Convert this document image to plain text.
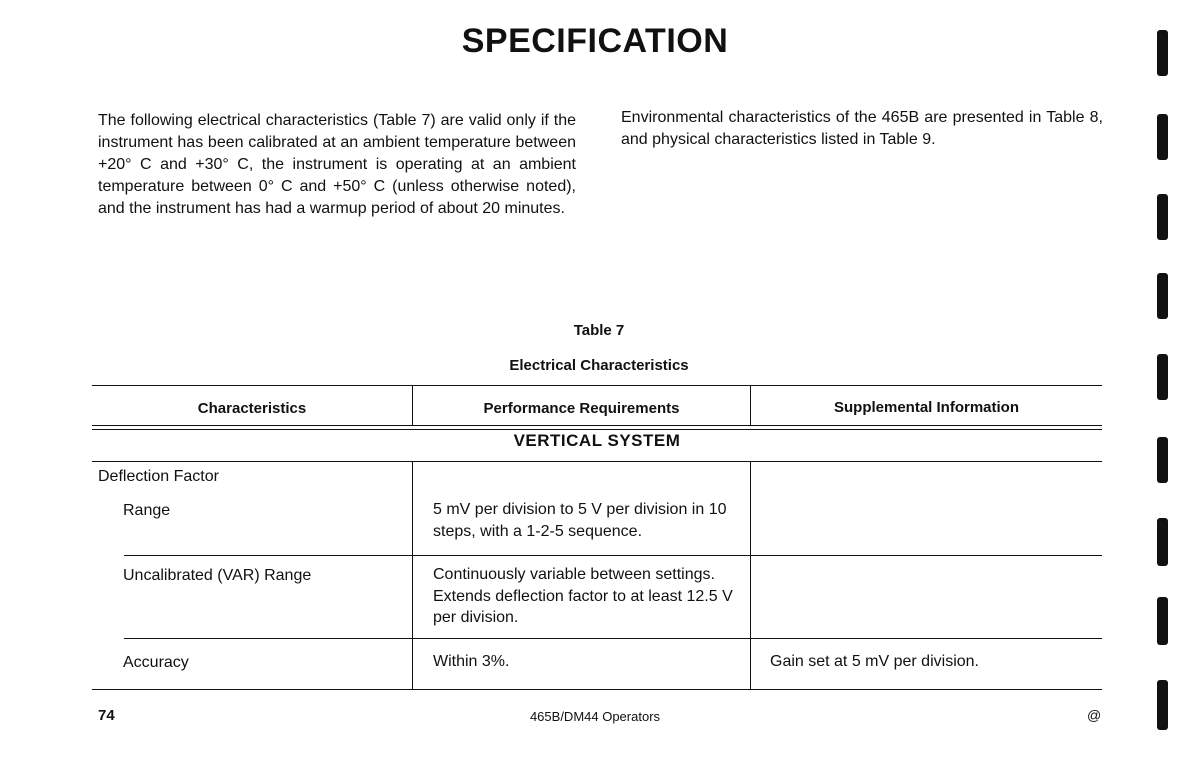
SPECIFICATION
The following electrical characteristics (Table 7) are valid only if the instrument has been calibrated at an ambient temperature between +20° C and +30° C, the instrument is operating at an ambient temperature between 0° C and +50° C (unless otherwise noted), and the instrument has had a warmup period of about 20 minutes.
Environmental characteristics of the 465B are presented in Table 8, and physical characteristics listed in Table 9.
Table 7
Electrical Characteristics
Characteristics	Performance Requirements	Supplemental Information
VERTICAL SYSTEM
Deflection Factor
Range	5 mV per division to 5 V per division in 10 steps, with a 1-2-5 sequence.
Uncalibrated (VAR) Range	Continuously variable between settings. Extends deflection factor to at least 12.5 V per division.
Accuracy	Within 3%.	Gain set at 5 mV per division.
74	465B/DM44 Operators	@
